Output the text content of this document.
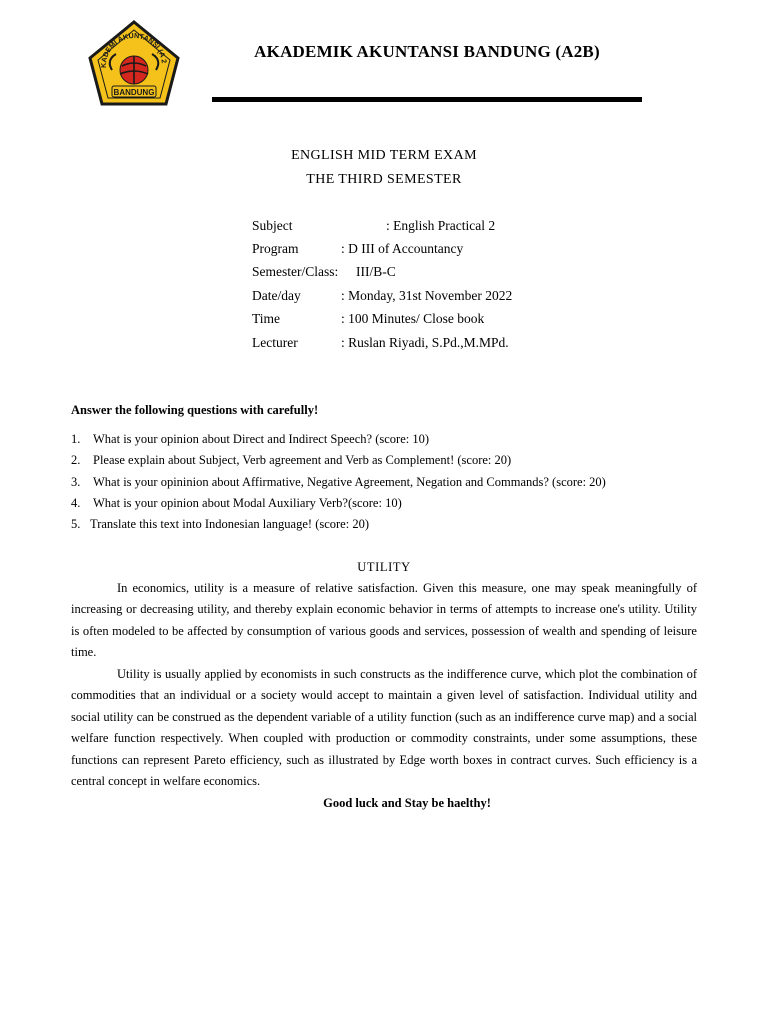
KADEMI AKUNTANSI (A 2
BANDUNG
AKADEMIK AKUNTANSI BANDUNG (A2B)
ENGLISH MID TERM EXAM
THE THIRD SEMESTER
Subject	: English Practical 2
Program	: D III of Accountancy
Semester/Class: III/B-C
Date/day	: Monday, 31st November 2022
Time	: 100 Minutes/ Close book
Lecturer	: Ruslan Riyadi, S.Pd.,M.MPd.
Answer the following questions with carefully!
1. What is your opinion about Direct and Indirect Speech? (score: 10)
2. Please explain about Subject, Verb agreement and Verb as Complement! (score: 20)
3. What is your opininion about Affirmative, Negative Agreement, Negation and Commands? (score: 20)
4. What is your opinion about Modal Auxiliary Verb?(score: 10)
5. Translate this text into Indonesian language! (score: 20)
UTILITY

In economics, utility is a measure of relative satisfaction. Given this measure, one may speak meaningfully of increasing or decreasing utility, and thereby explain economic behavior in terms of attempts to increase one's utility. Utility is often modeled to be affected by consumption of various goods and services, possession of wealth and spending of leisure time.

Utility is usually applied by economists in such constructs as the indifference curve, which plot the combination of commodities that an individual or a society would accept to maintain a given level of satisfaction. Individual utility and social utility can be construed as the dependent variable of a utility function (such as an indifference curve map) and a social welfare function respectively. When coupled with production or commodity constraints, under some assumptions, these functions can represent Pareto efficiency, such as illustrated by Edge worth boxes in contract curves. Such efficiency is a central concept in welfare economics.

Good luck and Stay be haelthy!
